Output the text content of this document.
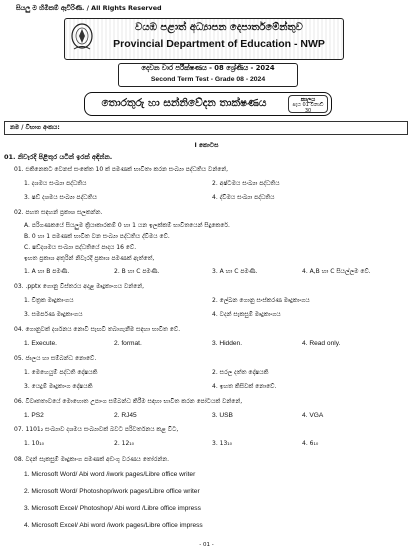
සියලු ම හිමිකම් ඇවිරිණි. / All Rights Reserved
වයඹ පළාත් අධ්‍යාපන දෙපාර්තමේන්තුව
Provincial Department of Education - NWP
දෙවන වාර පරීක්ෂණය - 08 ශ්‍රේණිය - 2024
Second Term Test - Grade 08 - 2024
තොරතුරු හා සන්නිවේදන තාක්ෂණය	කාලය
පැය 01 විනාඩි 30
නම / විභාග අංකය:
I කොටස
01. නිවැරදි පිළිතුර යටින් ඉරක් අඳින්න.
01. එකිනෙකට වෙනස් සංකේත 10 ක් පමණක් භාවිතා කරන සංඛ්‍යා පද්ධතිය වන්නේ,
1. දශමය සංඛ්‍යා පද්ධතිය	2. අෂ්ටමය සංඛ්‍යා පද්ධතිය
3. ෂඩ් දශමය සංඛ්‍යා පද්ධතිය	4. ද්විමය සංඛ්‍යා පද්ධතිය
02. පහත සඳහන් ප්‍රකාශ සලකන්න.
A. පරිගණකයේ සියලුම ක්‍රියාකාරකම් 0 හා 1 යන ඉලක්කම් භාවිතයෙන් සිදුකෙරේ.
B. 0 හා 1 පමණක් භාවිත වන සංඛ්‍යා පද්ධතිය ද්විමය වේ.
C. ෂඩ්දශමය සංඛ්‍යා පද්ධතියේ පාදය 16 වේ.
ඉහත ප්‍රකාශ අතුරින් නිවැරදි ප්‍රකාශ පමණක් ඇත්තේ,
1. A හා B පමණි.	2. B හා C පමණි.	3. A හා C පමණි.	4. A,B හා C සියල්ලම වේ.
03. .pptx ගොනු විස්තරය අදාළ මෘදුකාංගය වන්නේ,
1. චිත්‍රක මෘදුකාංගය	2. ලේඛන ගොනු සංස්කරණ මෘදුකාංගය
3. සමර්පණ මෘදුකාංගය	4. වදන් සැකසුම් මෘදුකාංගය
04. ගොනුවක් දර්ශනය නොවී සැඟවී තබාගැනීම සඳහා භාවිත වේ.
1. Execute.	2. format.	3. Hidden.	4. Read only.
05. ජාලය හා සම්බන්ධ නොවේ.
1. මෙහෙයුම් පද්ධති දෝෂයකි	2. සරල දත්ත දෝෂයකි
3. යෙදුම් මෘදුකාංග දෝෂයකි	4. ඉහත කිසිවක් නොවේ.
06. විවෘතතාවයේ මොහොත උපාංග සම්බන්ධ කිරීම සඳහා භාවිත කරන පෝටයක් වන්නේ,
1. PS2	2. RJ45	3. USB	4. VGA
07. 1101₂ සංඛ්‍යාව දශමය සංඛ්‍යාවක් බවට පරිවර්තනය කළ විට,
1. 10₁₀	2. 12₁₀	3. 13₁₀	4. 6₁₀
08. වදන් සැකසුම් මෘදුකාංග පමණක් අඩංගු වරණය තෝරන්න.
1. Microsoft Word/ Abi word /iwork pages/Libre office writer
2. Microsoft Word/ Photoshop/iwork pages/Libre office writer
3. Microsoft Excel/ Photoshop/ Abi word /Libre office impress
4. Microsoft Excel/ Abi word /iwork pages/Libre office impress
- 01 -
